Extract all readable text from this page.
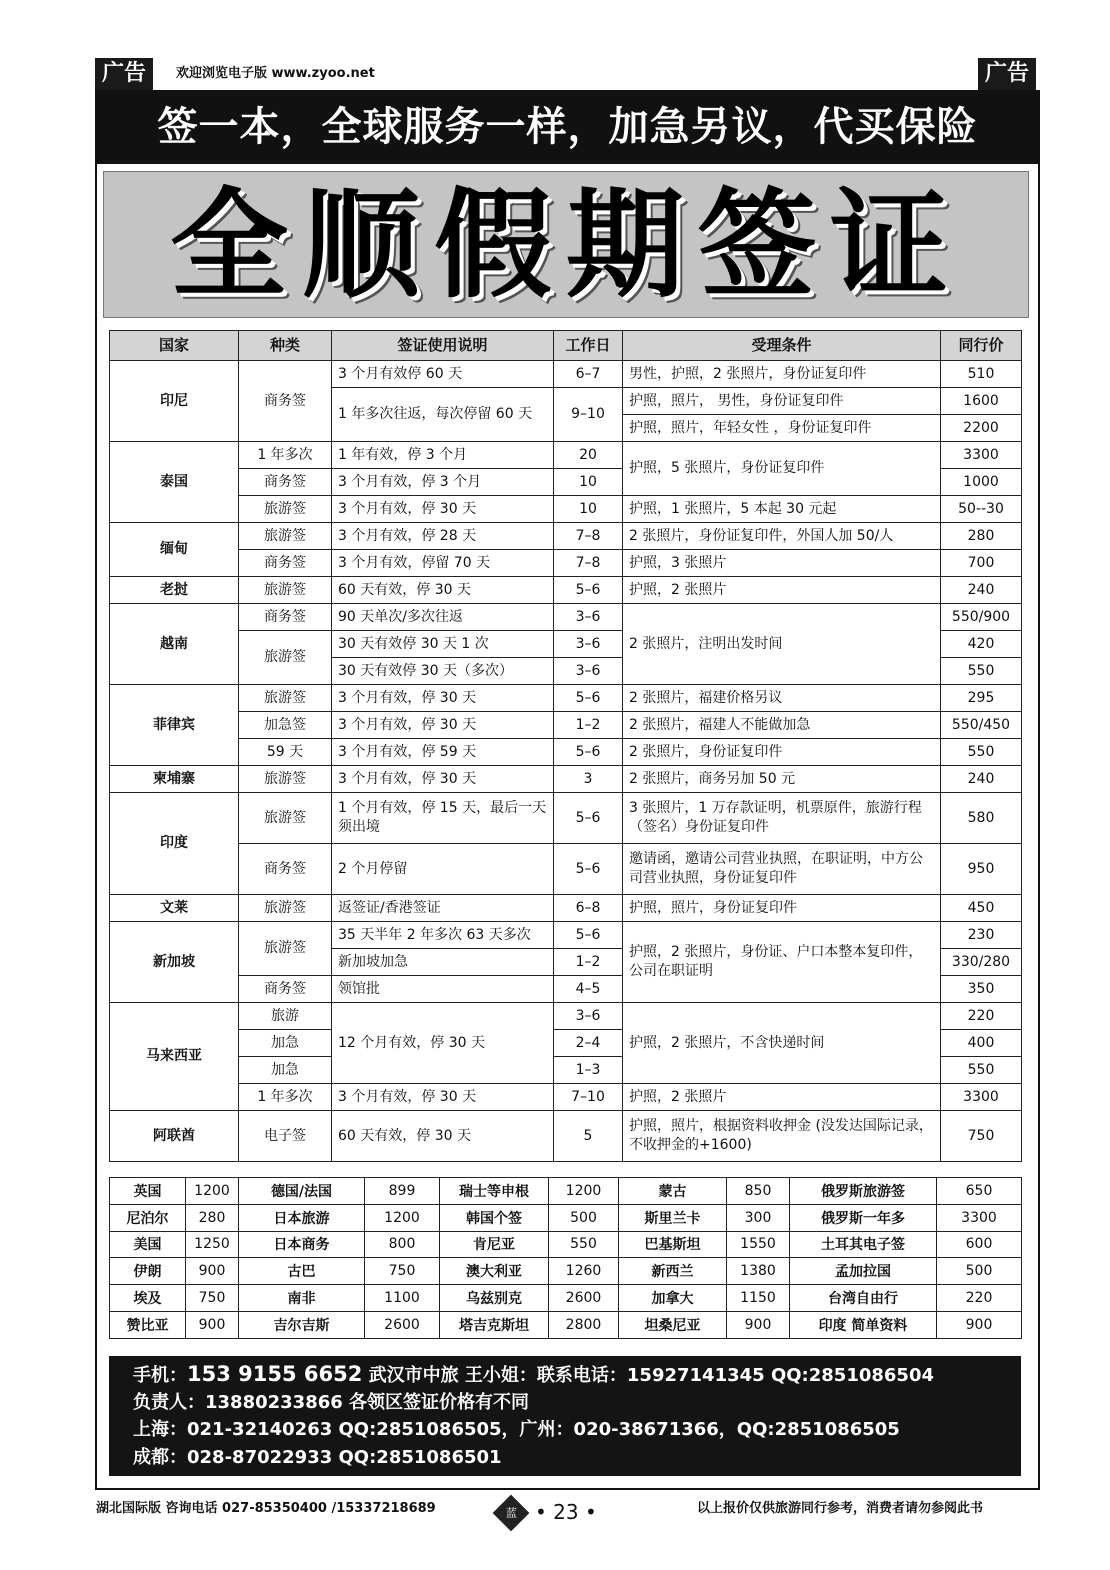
广告	欢迎浏览电子版 www.zyoo.net	广告
签一本，全球服务一样，加急另议，代买保险
全顺假期签证
国家	种类	签证使用说明	工作日	受理条件	同行价
印尼	商务签	3 个月有效停 60 天	6–7	男性，护照，2 张照片，身份证复印件	510
		1 年多次往返，每次停留 60 天	9–10	护照，照片， 男性，身份证复印件	1600
				护照，照片，年轻女性 ，身份证复印件	2200
泰国	1 年多次	1 年有效，停 3 个月	20	护照，5 张照片，身份证复印件	3300
	商务签	3 个月有效，停 3 个月	10		1000
	旅游签	3 个月有效，停 30 天	10	护照，1 张照片，5 本起 30 元起	50--30
缅甸	旅游签	3 个月有效，停 28 天	7–8	2 张照片，身份证复印件，外国人加 50/人	280
	商务签	3 个月有效，停留 70 天	7–8	护照，3 张照片	700
老挝	旅游签	60 天有效，停 30 天	5–6	护照，2 张照片	240
越南	商务签	90 天单次/多次往返	3–6	2 张照片，注明出发时间	550/900
	旅游签	30 天有效停 30 天 1 次	3–6		420
		30 天有效停 30 天（多次）	3–6		550
菲律宾	旅游签	3 个月有效，停 30 天	5–6	2 张照片，福建价格另议	295
	加急签	3 个月有效，停 30 天	1–2	2 张照片，福建人不能做加急	550/450
	59 天	3 个月有效，停 59 天	5–6	2 张照片，身份证复印件	550
柬埔寨	旅游签	3 个月有效，停 30 天	3	2 张照片，商务另加 50 元	240
印度	旅游签	1 个月有效，停 15 天，最后一天须出境	5–6	3 张照片，1 万存款证明，机票原件，旅游行程（签名）身份证复印件	580
	商务签	2 个月停留	5–6	邀请函，邀请公司营业执照，在职证明，中方公司营业执照，身份证复印件	950
文莱	旅游签	返签证/香港签证	6–8	护照，照片，身份证复印件	450
新加坡	旅游签	35 天半年 2 年多次 63 天多次	5–6	护照，2 张照片，身份证、户口本整本复印件，公司在职证明	230
		新加坡加急	1–2		330/280
	商务签	领馆批	4–5		350
马来西亚	旅游	12 个月有效，停 30 天	3–6	护照，2 张照片，不含快递时间	220
	加急		2–4		400
	加急		1–3		550
	1 年多次	3 个月有效，停 30 天	7–10	护照，2 张照片	3300
阿联酋	电子签	60 天有效，停 30 天	5	护照，照片，根据资料收押金 (没发达国际记录，不收押金的+1600)	750
英国	1200	德国/法国	899	瑞士等申根	1200	蒙古	850	俄罗斯旅游签	650
尼泊尔	280	日本旅游	1200	韩国个签	500	斯里兰卡	300	俄罗斯一年多	3300
美国	1250	日本商务	800	肯尼亚	550	巴基斯坦	1550	土耳其电子签	600
伊朗	900	古巴	750	澳大利亚	1260	新西兰	1380	孟加拉国	500
埃及	750	南非	1100	乌兹别克	2600	加拿大	1150	台湾自由行	220
赞比亚	900	吉尔吉斯	2600	塔吉克斯坦	2800	坦桑尼亚	900	印度 简单资料	900
手机：153 9155 6652 武汉市中旅 王小姐：联系电话：15927141345 QQ:2851086504
负责人：13880233866 各领区签证价格有不同
上海：021-32140263 QQ:2851086505，广州：020-38671366，QQ:2851086505
成都：028-87022933 QQ:2851086501
湖北国际版 咨询电话 027-85350400 /15337218689	蓝 • 23 •	以上报价仅供旅游同行参考，消费者请勿参阅此书
